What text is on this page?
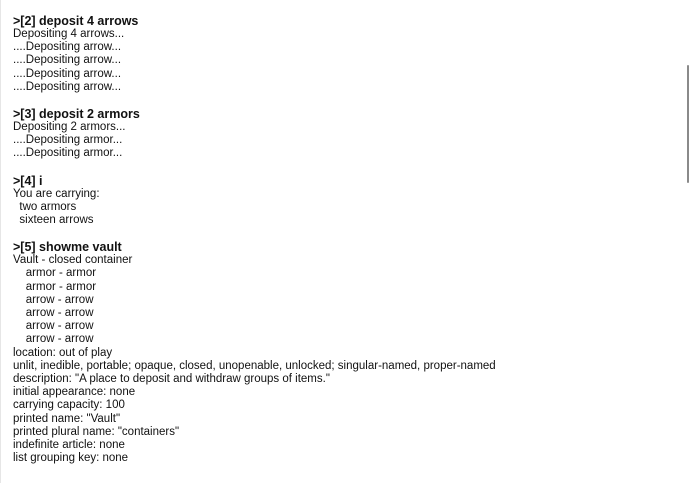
>[2] deposit 4 arrows
Depositing 4 arrows...
....Depositing arrow...
....Depositing arrow...
....Depositing arrow...
....Depositing arrow...
>[3] deposit 2 armors
Depositing 2 armors...
....Depositing armor...
....Depositing armor...
>[4] i
You are carrying:
two armors
sixteen arrows
>[5] showme vault
Vault - closed container
armor - armor
armor - armor
arrow - arrow
arrow - arrow
arrow - arrow
arrow - arrow
location: out of play
unlit, inedible, portable; opaque, closed, unopenable, unlocked; singular-named, proper-named
description: "A place to deposit and withdraw groups of items."
initial appearance: none
carrying capacity: 100
printed name: "Vault"
printed plural name: "containers"
indefinite article: none
list grouping key: none
